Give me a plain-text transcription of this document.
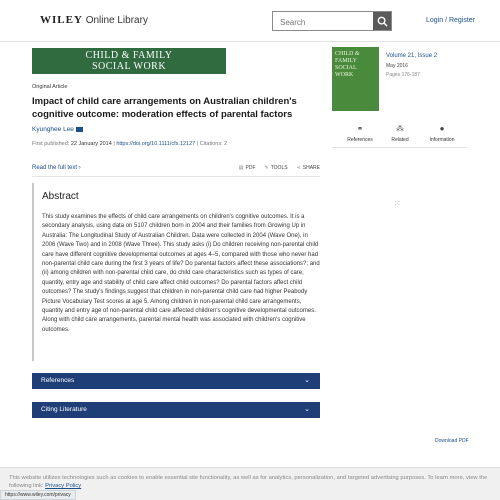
WILEY Online Library
Search	Login / Register
CHILD & FAMILY
SOCIAL WORK
Original Article
Impact of child care arrangements on Australian children's cognitive outcome: moderation effects of parental factors
Kyunghee Lee
First published: 22 January 2014 | https://doi.org/10.1111/cfs.12127 | Citations: 2
Read the full text ›	▤ PDF ✎ TOOLS ⋖ SHARE
Abstract

This study examines the effects of child care arrangements on children's cognitive outcomes. It is a secondary analysis, using data on 5107 children born in 2004 and their families from Growing Up in Australia: The Longitudinal Study of Australian Children. Data were collected in 2004 (Wave One), in 2006 (Wave Two) and in 2008 (Wave Three). This study asks (i) Do children receiving non-parental child care have different cognitive developmental outcomes at ages 4–5, compared with those who never had non-parental child care during the first 3 years of life? Do parental factors affect these associations?; and (ii) among children with non-parental child care, do child care characteristics such as types of care, quantity, entry age and stability of child care affect child outcomes? Do parental factors affect child outcomes? The study's findings suggest that children in non-parental child care had higher Peabody Picture Vocabulary Test scores at age 5. Among children in non-parental child care arrangements, quantity and entry age of non-parental child care affected children's cognitive developmental outcomes. Along with child care arrangements, parental mental health was associated with children's cognitive outcomes.

References	⌄
Citing Literature	⌄
Download PDF
CHILD & FAMILY SOCIAL WORK
Volume 21, Issue 2
May 2016
Pages 176-187
⚭
References
⁂
Related
●
Information
⁙

This website utilizes technologies such as cookies to enable essential site functionality, as well as for analytics, personalization, and targeted advertising purposes. To learn more, view the following link: Privacy Policy

https://www.wiley.com/privacy
